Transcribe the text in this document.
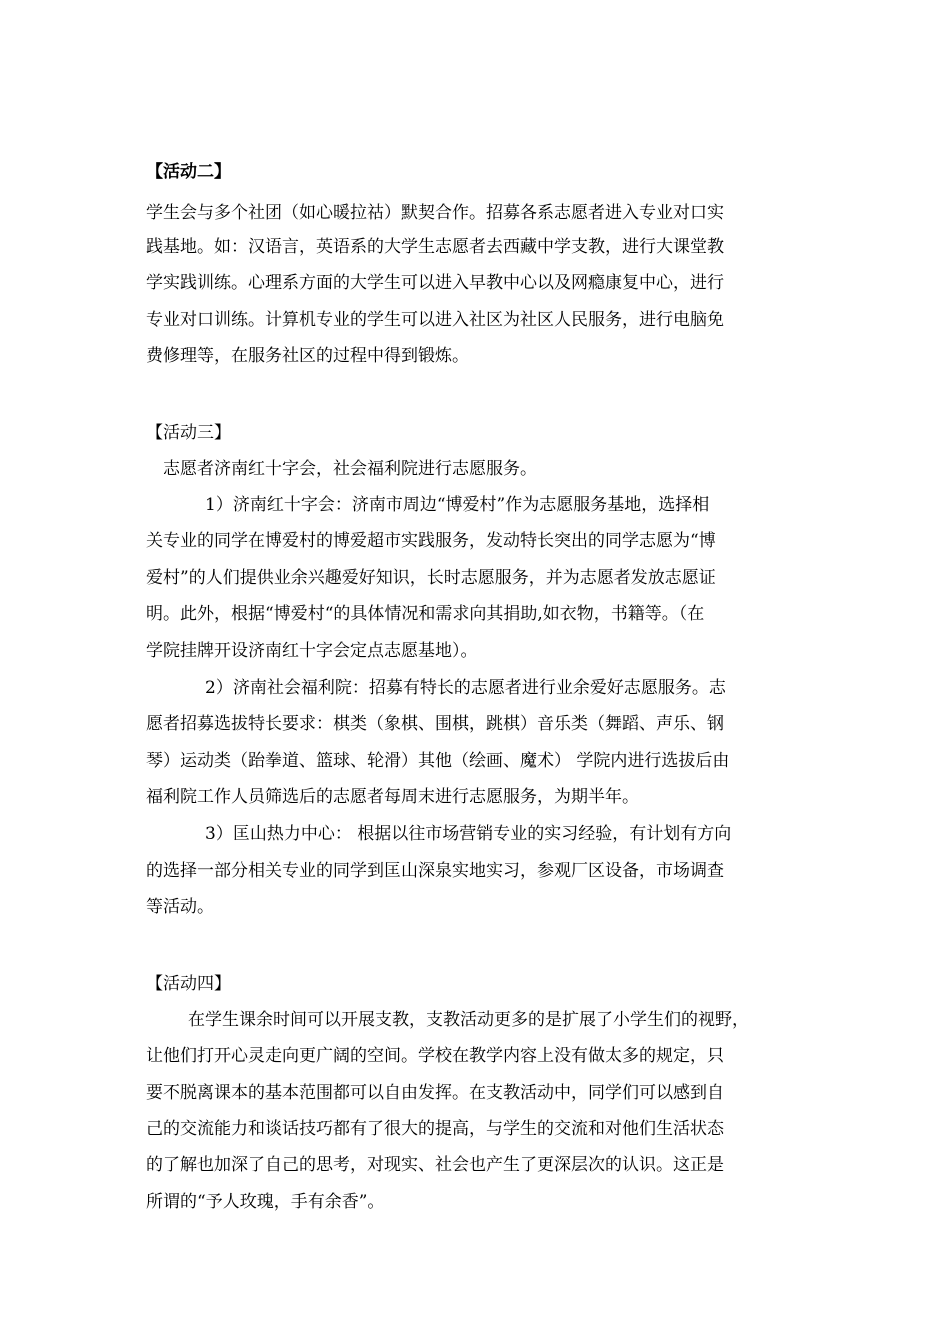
【活动二】

学生会与多个社团（如心暖拉祜）默契合作。招募各系志愿者进入专业对口实

践基地。如：汉语言，英语系的大学生志愿者去西藏中学支教，进行大课堂教

学实践训练。心理系方面的大学生可以进入早教中心以及网瘾康复中心，进行

专业对口训练。计算机专业的学生可以进入社区为社区人民服务，进行电脑免

费修理等，在服务社区的过程中得到锻炼。

【活动三】

志愿者济南红十字会，社会福利院进行志愿服务。

1）济南红十字会：济南市周边“博爱村”作为志愿服务基地，选择相

关专业的同学在博爱村的博爱超市实践服务，发动特长突出的同学志愿为“博

爱村”的人们提供业余兴趣爱好知识，长时志愿服务，并为志愿者发放志愿证

明。此外，根据“博爱村“的具体情况和需求向其捐助,如衣物，书籍等。（在

学院挂牌开设济南红十字会定点志愿基地）。

2）济南社会福利院：招募有特长的志愿者进行业余爱好志愿服务。志

愿者招募选拔特长要求：棋类（象棋、围棋，跳棋）音乐类（舞蹈、声乐、钢

琴）运动类（跆拳道、篮球、轮滑）其他（绘画、魔术） 学院内进行选拔后由

福利院工作人员筛选后的志愿者每周末进行志愿服务，为期半年。

3）匡山热力中心： 根据以往市场营销专业的实习经验，有计划有方向

的选择一部分相关专业的同学到匡山深泉实地实习，参观厂区设备，市场调查

等活动。

【活动四】

在学生课余时间可以开展支教，支教活动更多的是扩展了小学生们的视野，

让他们打开心灵走向更广阔的空间。学校在教学内容上没有做太多的规定，只

要不脱离课本的基本范围都可以自由发挥。在支教活动中，同学们可以感到自

己的交流能力和谈话技巧都有了很大的提高，与学生的交流和对他们生活状态

的了解也加深了自己的思考，对现实、社会也产生了更深层次的认识。这正是

所谓的“予人玫瑰，手有余香”。
